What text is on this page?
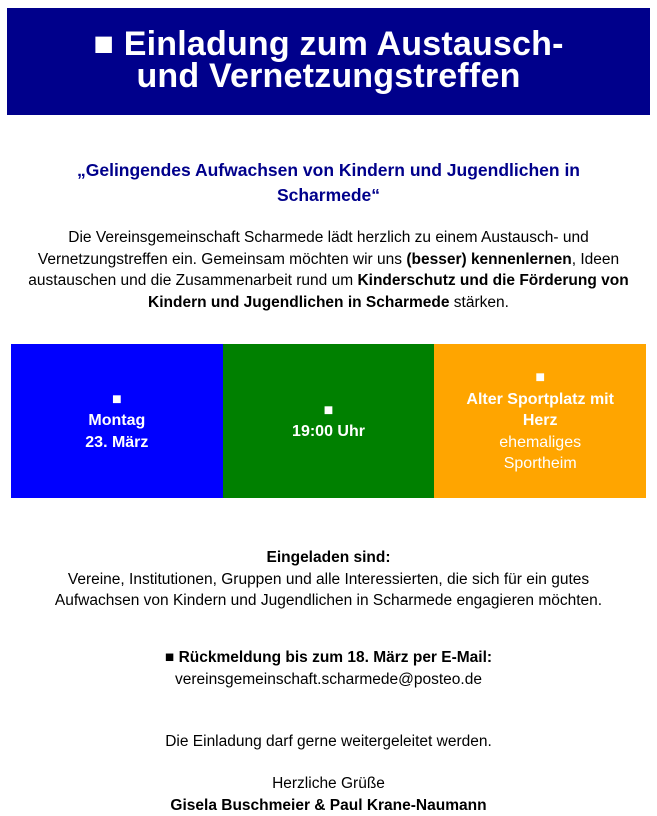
■ Einladung zum Austausch-
und Vernetzungstreffen
„Gelingendes Aufwachsen von Kindern und Jugendlichen in
Scharmede“
Die Vereinsgemeinschaft Scharmede lädt herzlich zu einem Austausch- und
Vernetzungstreffen ein. Gemeinsam möchten wir uns (besser) kennenlernen, Ideen
austauschen und die Zusammenarbeit rund um Kinderschutz und die Förderung von
Kindern und Jugendlichen in Scharmede stärken.
■
Montag
23. März
■
19:00 Uhr
■
Alter Sportplatz mit
Herz
ehemaliges
Sportheim
Eingeladen sind:
Vereine, Institutionen, Gruppen und alle Interessierten, die sich für ein gutes
Aufwachsen von Kindern und Jugendlichen in Scharmede engagieren möchten.
■ Rückmeldung bis zum 18. März per E-Mail:
vereinsgemeinschaft.scharmede@posteo.de
Die Einladung darf gerne weitergeleitet werden.
Herzliche Grüße
Gisela Buschmeier & Paul Krane-Naumann
